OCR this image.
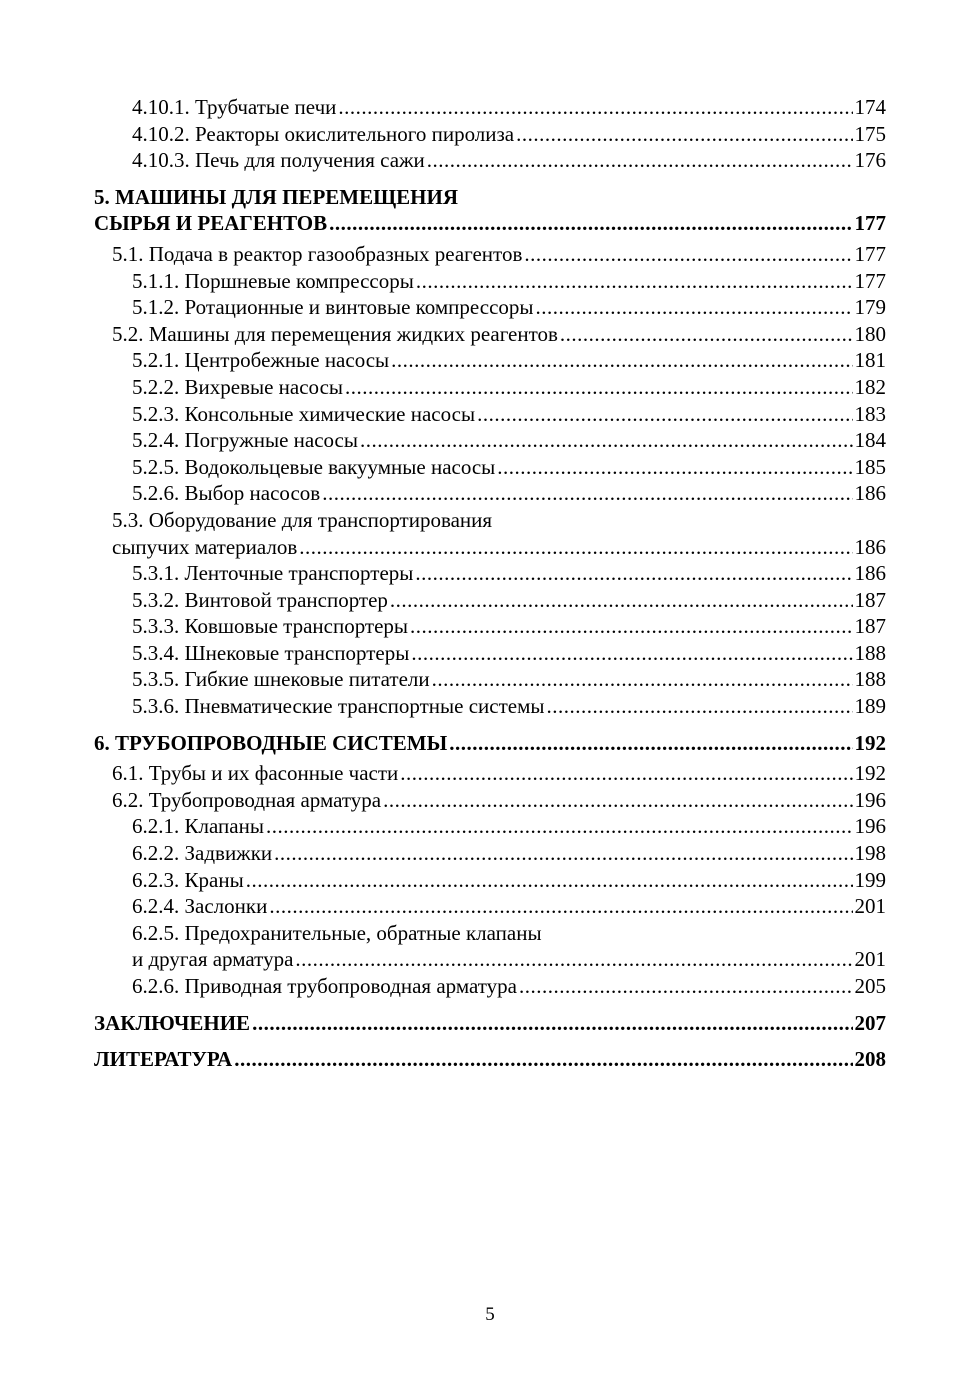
4.10.1. Трубчатые печи .....	174
4.10.2. Реакторы окислительного пиролиза .....	175
4.10.3. Печь для получения сажи .....	176
5. МАШИНЫ ДЛЯ ПЕРЕМЕЩЕНИЯ
СЫРЬЯ И РЕАГЕНТОВ .....	177
5.1. Подача в реактор газообразных реагентов .....	177
5.1.1. Поршневые компрессоры .....	177
5.1.2. Ротационные и винтовые компрессоры .....	179
5.2. Машины для перемещения жидких реагентов .....	180
5.2.1. Центробежные насосы .....	181
5.2.2. Вихревые насосы .....	182
5.2.3. Консольные химические насосы .....	183
5.2.4. Погружные насосы .....	184
5.2.5. Водокольцевые вакуумные насосы .....	185
5.2.6. Выбор насосов .....	186
5.3. Оборудование для транспортирования
сыпучих материалов .....	186
5.3.1. Ленточные транспортеры .....	186
5.3.2. Винтовой транспортер .....	187
5.3.3. Ковшовые транспортеры .....	187
5.3.4. Шнековые транспортеры .....	188
5.3.5. Гибкие шнековые питатели .....	188
5.3.6. Пневматические транспортные системы .....	189
6. ТРУБОПРОВОДНЫЕ СИСТЕМЫ .....	192
6.1. Трубы и их фасонные части .....	192
6.2. Трубопроводная арматура .....	196
6.2.1. Клапаны .....	196
6.2.2. Задвижки .....	198
6.2.3. Краны .....	199
6.2.4. Заслонки .....	201
6.2.5. Предохранительные, обратные клапаны
и другая арматура .....	201
6.2.6. Приводная трубопроводная арматура .....	205
ЗАКЛЮЧЕНИЕ .....	207
ЛИТЕРАТУРА .....	208
5
